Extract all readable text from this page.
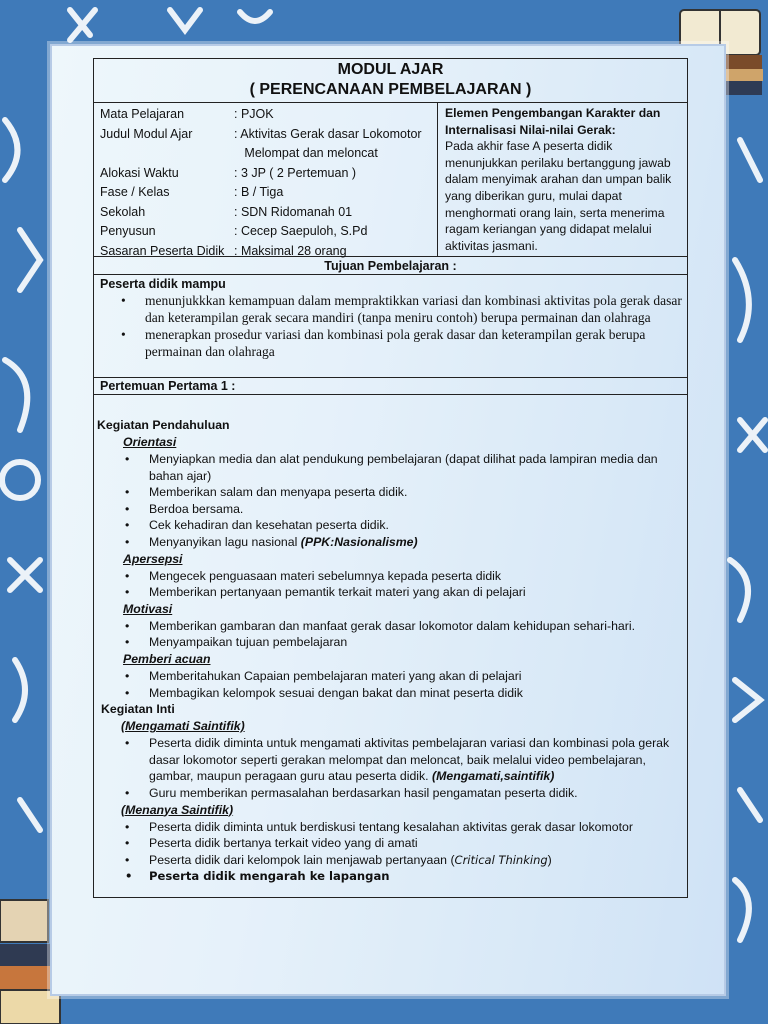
MODUL AJAR
( PERENCANAAN PEMBELAJARAN )
Mata Pelajaran	: PJOK
Judul Modul Ajar	: Aktivitas Gerak dasar Lokomotor
Melompat dan meloncat
Alokasi Waktu	: 3 JP ( 2 Pertemuan )
Fase / Kelas	: B / Tiga
Sekolah	: SDN Ridomanah 01
Penyusun	: Cecep Saepuloh, S.Pd
Sasaran Peserta Didik : Maksimal 28 orang
Elemen Pengembangan Karakter dan Internalisasi Nilai-nilai Gerak:
Pada akhir fase A peserta didik menunjukkan perilaku bertanggung jawab dalam menyimak arahan dan umpan balik yang diberikan guru, mulai dapat menghormati orang lain, serta menerima ragam keriangan yang didapat melalui aktivitas jasmani.
Tujuan Pembelajaran :
Peserta didik mampu
• menunjukkkan kemampuan dalam mempraktikkan variasi dan kombinasi aktivitas pola gerak dasar dan keterampilan gerak secara mandiri (tanpa meniru contoh) berupa permainan dan olahraga
• menerapkan prosedur variasi dan kombinasi pola gerak dasar dan keterampilan gerak berupa permainan dan olahraga
Pertemuan Pertama 1 :
Kegiatan Pendahuluan
Orientasi
• Menyiapkan media dan alat pendukung pembelajaran (dapat dilihat pada lampiran media dan bahan ajar)
• Memberikan salam dan menyapa peserta didik.
• Berdoa bersama.
• Cek kehadiran dan kesehatan peserta didik.
• Menyanyikan lagu nasional (PPK:Nasionalisme)
Apersepsi
• Mengecek penguasaan materi sebelumnya kepada peserta didik
• Memberikan pertanyaan pemantik terkait materi yang akan di pelajari
Motivasi
• Memberikan gambaran dan manfaat gerak dasar lokomotor dalam kehidupan sehari-hari.
• Menyampaikan tujuan pembelajaran
Pemberi acuan
• Memberitahukan Capaian pembelajaran materi yang akan di pelajari
• Membagikan kelompok sesuai dengan bakat dan minat peserta didik
Kegiatan Inti
(Mengamati Saintifik)
• Peserta didik diminta untuk mengamati aktivitas pembelajaran variasi dan kombinasi pola gerak dasar lokomotor seperti gerakan melompat dan meloncat, baik melalui video pembelajaran, gambar, maupun peragaan guru atau peserta didik. (Mengamati,saintifik)
• Guru memberikan permasalahan berdasarkan hasil pengamatan peserta didik.
(Menanya Saintifik)
• Peserta didik diminta untuk berdiskusi tentang kesalahan aktivitas gerak dasar lokomotor
• Peserta didik bertanya terkait video yang di amati
• Peserta didik dari kelompok lain menjawab pertanyaan (Critical Thinking)
• Peserta didik mengarah ke lapangan
